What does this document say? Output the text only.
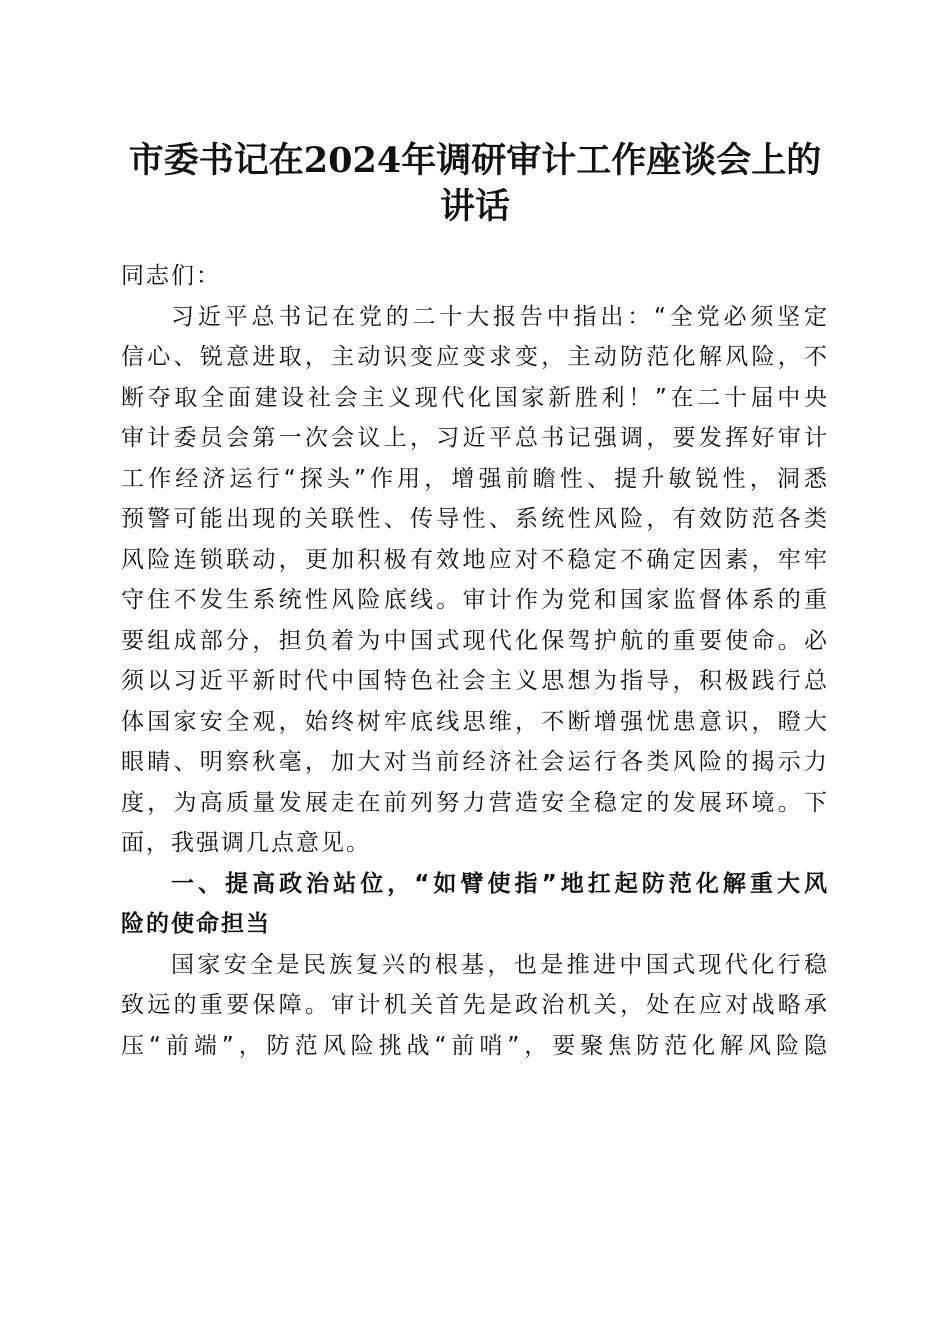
市委书记在2024年调研审计工作座谈会上的
讲话
同志们：
习近平总书记在党的二十大报告中指出：“全党必须坚定
信心、锐意进取，主动识变应变求变，主动防范化解风险，不
断夺取全面建设社会主义现代化国家新胜利！”在二十届中央
审计委员会第一次会议上，习近平总书记强调，要发挥好审计
工作经济运行“探头”作用，增强前瞻性、提升敏锐性，洞悉
预警可能出现的关联性、传导性、系统性风险，有效防范各类
风险连锁联动，更加积极有效地应对不稳定不确定因素，牢牢
守住不发生系统性风险底线。审计作为党和国家监督体系的重
要组成部分，担负着为中国式现代化保驾护航的重要使命。必
须以习近平新时代中国特色社会主义思想为指导，积极践行总
体国家安全观，始终树牢底线思维，不断增强忧患意识，瞪大
眼睛、明察秋毫，加大对当前经济社会运行各类风险的揭示力
度，为高质量发展走在前列努力营造安全稳定的发展环境。下
面，我强调几点意见。
一、提高政治站位，“如臂使指”地扛起防范化解重大风
险的使命担当
国家安全是民族复兴的根基，也是推进中国式现代化行稳
致远的重要保障。审计机关首先是政治机关，处在应对战略承
压“前端”，防范风险挑战“前哨”，要聚焦防范化解风险隐
